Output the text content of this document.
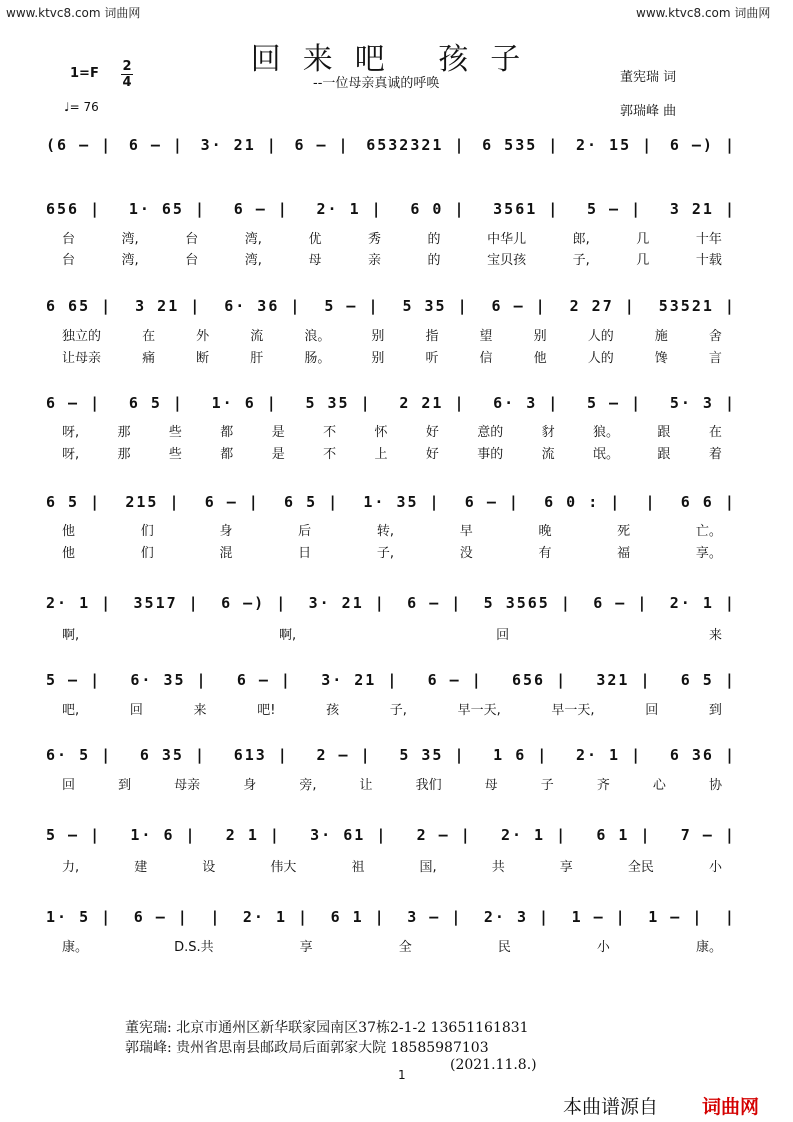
www.ktvc8.com 词曲网	www.ktvc8.com 词曲网
回来吧 孩子
--一位母亲真诚的呼唤
1=F 2
4
♩= 76
董宪瑞 词
郭瑞峰 曲
(6 — | 6 — | 3· 21 | 6 — | 6532321 | 6 535 | 2· 15 | 6 —) |
656 | 1· 65 | 6 — | 2· 1 | 6 0 | 3561 | 5 — | 3 21 |
台	湾,	台	湾,	优	秀	的	中华儿	郎,	几	十年
台	湾,	台	湾,	母	亲	的	宝贝孩	子,	几	十载
6 65 | 3 21 | 6· 36 | 5 — | 5 35 | 6 — | 2 27 | 53521 |
独立的	在	外	流	浪。	别	指	望	别	人的	施	舍
让母亲	痛	断	肝	肠。	别	听	信	他	人的	馋	言
6 — | 6 5 | 1· 6 | 5 35 | 2 21 | 6· 3 | 5 — | 5· 3 |
呀,	那	些	都	是	不	怀	好	意的	豺	狼。	跟	在
呀,	那	些	都	是	不	上	好	事的	流	氓。	跟	着
6 5 | 215 | 6 — | 6 5 | 1· 35 | 6 — | 6 0 : | | 6 6 |
他	们	身	后	转,	早	晚	死	亡。
他	们	混	日	子,	没	有	福	享。
2· 1 | 3517 | 6 —) | 3· 21 | 6 — | 5 3565 | 6 — | 2· 1 |
啊,	啊,	回	来
5 — | 6· 35 | 6 — | 3· 21 | 6 — | 656 | 321 | 6 5 |
吧,	回	来	吧!	孩	子,	早一天,	早一天,	回	到
6· 5 | 6 35 | 613 | 2 — | 5 35 | 1 6 | 2· 1 | 6 36 |
回	到	母亲	身	旁,	让	我们	母	子	齐	心	协
5 — | 1· 6 | 2 1 | 3· 61 | 2 — | 2· 1 | 6 1 | 7 — |
力,	建	设	伟大	祖	国,	共	享	全民	小
1· 5 | 6 — | | 2· 1 | 6 1 | 3 — | 2· 3 | 1 — | 1 — | |
康。	D.S.共	享	全	民	小	康。
董宪瑞: 北京市通州区新华联家园南区37栋2-1-2 13651161831
郭瑞峰: 贵州省思南县邮政局后面郭家大院 18585987103
(2021.11.8.)
1
本曲谱源自 词曲网
